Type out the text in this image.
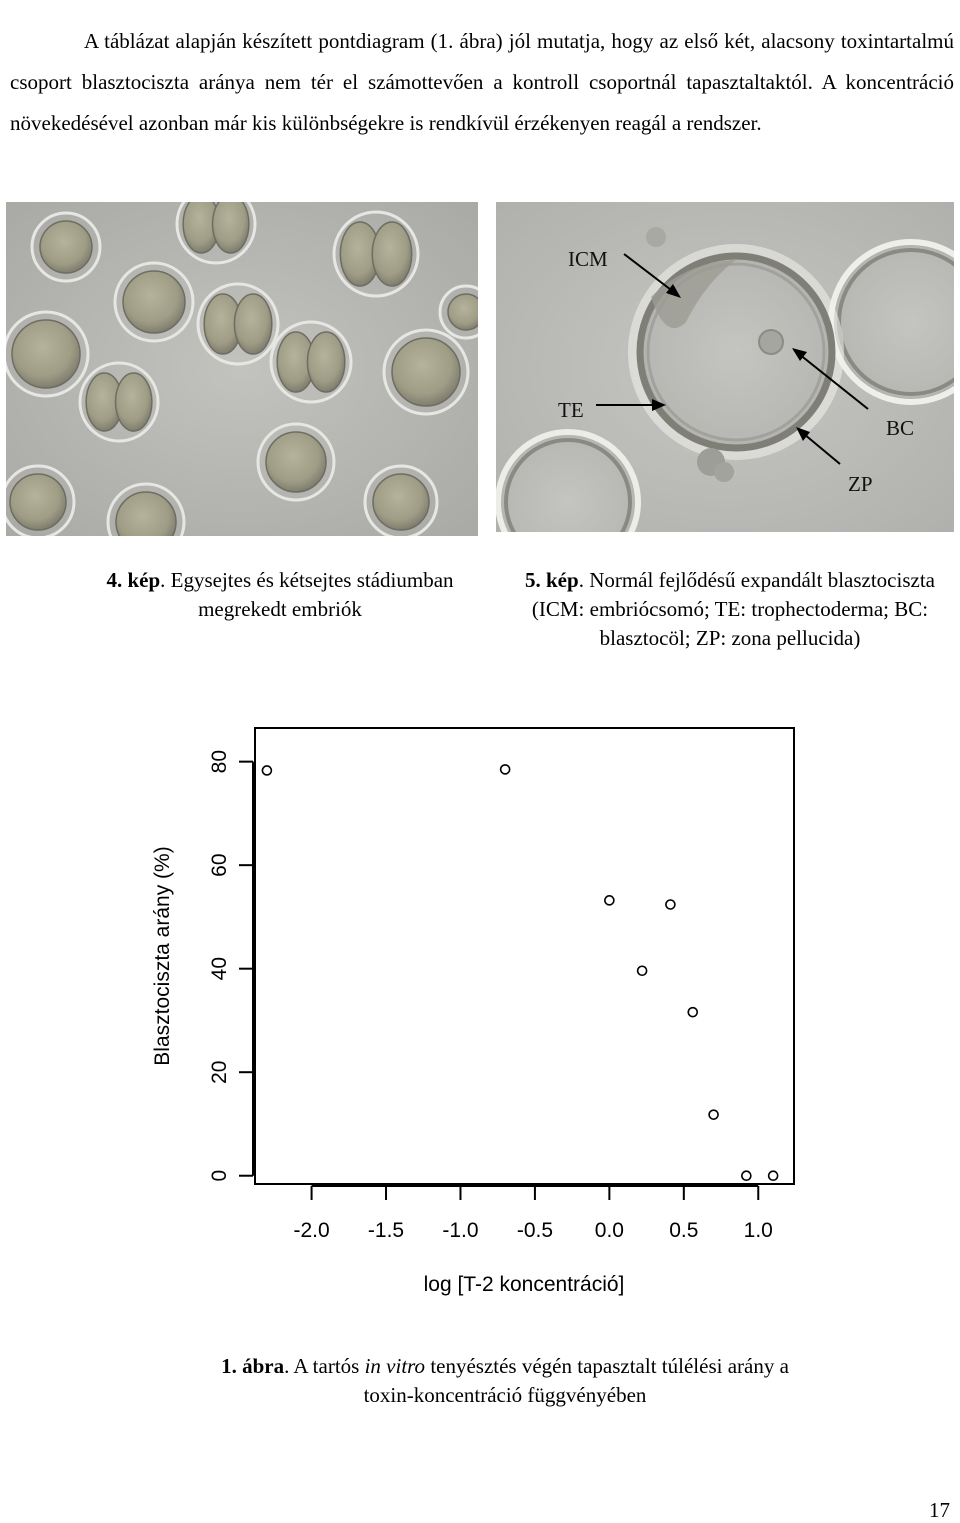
A táblázat alapján készített pontdiagram (1. ábra) jól mutatja, hogy az első két, alacsony toxintartalmú csoport blasztociszta aránya nem tér el számottevően a kontroll csoportnál tapasztaltaktól. A koncentráció növekedésével azonban már kis különbségekre is rendkívül érzékenyen reagál a rendszer.

ICM
TE
BC
ZP
4. kép. Egysejtes és kétsejtes stádiumban megrekedt embriók
5. kép. Normál fejlődésű expandált blasztociszta (ICM: embriócsomó; TE: trophectoderma; BC: blasztocöl; ZP: zona pellucida)
0
20
40
60
80
-2.0 -1.5 -1.0 -0.5 0.0 0.5 1.0
Blasztociszta arány (%)
log [T-2 koncentráció]
1. ábra. A tartós in vitro tenyésztés végén tapasztalt túlélési arány a toxin-koncentráció függvényében
17
